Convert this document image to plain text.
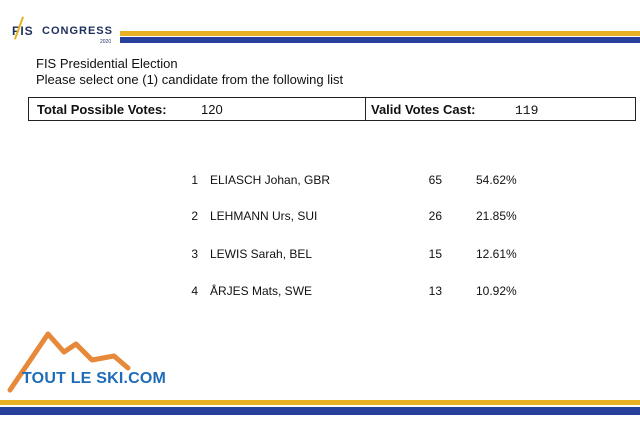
FIS CONGRESS
2020
FIS Presidential Election
Please select one (1) candidate from the following list
Total Possible Votes:	120	Valid Votes Cast:	119
1 ELIASCH Johan, GBR	65	54.62%
2 LEHMANN Urs, SUI	26	21.85%
3 LEWIS Sarah, BEL	15	12.61%
4 ÅRJES Mats, SWE	13	10.92%
TOUT LE SKI.COM
